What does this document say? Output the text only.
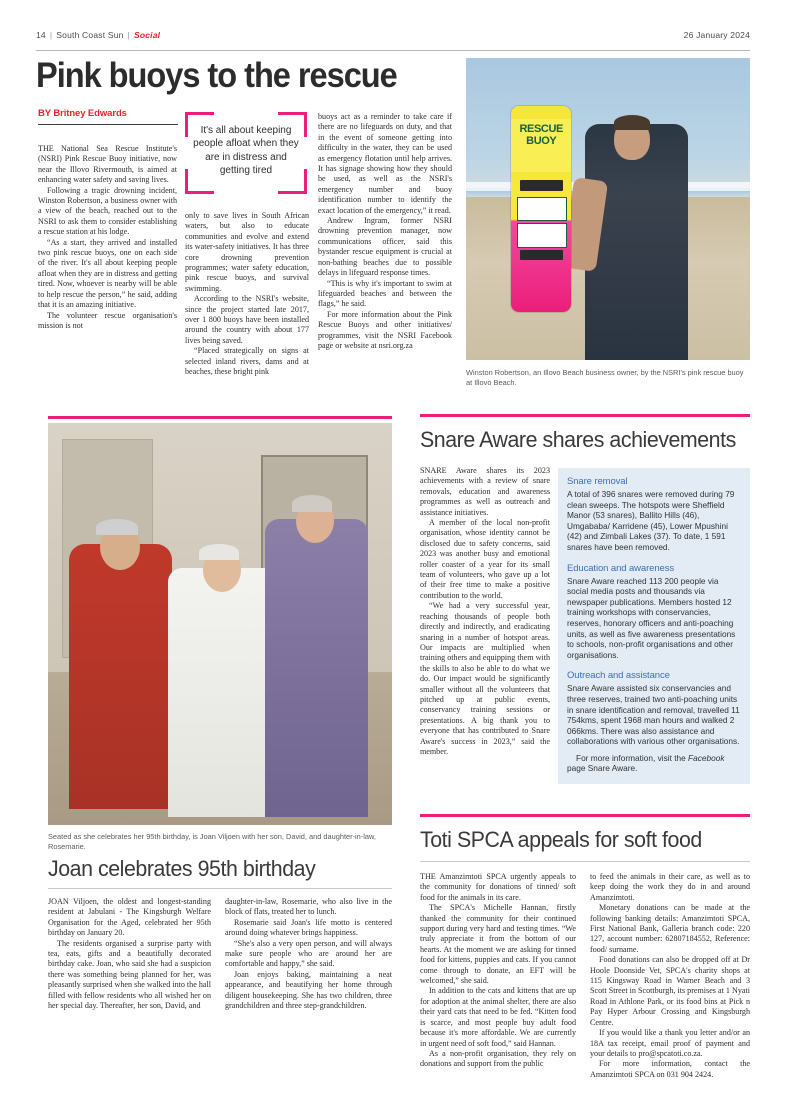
14 | South Coast Sun | Social	26 January 2024
Pink buoys to the rescue
BY Britney Edwards
It's all about keeping people afloat when they are in distress and getting tired

THE National Sea Rescue Institute's (NSRI) Pink Rescue Buoy initiative, now near the Illovo Rivermouth, is aimed at enhancing water safety and saving lives.

Following a tragic drowning incident, Winston Robertson, a business owner with a view of the beach, reached out to the NSRI to ask them to consider establishing a rescue station at his lodge.

“As a start, they arrived and installed two pink rescue buoys, one on each side of the river. It's all about keeping people afloat when they are in distress and getting tired. Now, whoever is nearby will be able to help rescue the person,” he said, adding that it is an amazing initiative.

The volunteer rescue organisation's mission is not

only to save lives in South African waters, but also to educate communities and evolve and extend its water-safety initiatives. It has three core drowning prevention programmes; water safety education, pink rescue buoys, and survival swimming.

According to the NSRI's website, since the project started late 2017, over 1 800 buoys have been installed around the country with about 177 lives being saved.

“Placed strategically on signs at selected inland rivers, dams and at beaches, these bright pink

buoys act as a reminder to take care if there are no lifeguards on duty, and that in the event of someone getting into difficulty in the water, they can be used as emergency flotation until help arrives. It has signage showing how they should be used, as well as the NSRI's emergency number and buoy identification number to identify the exact location of the emergency,” it read.

Andrew Ingram, former NSRI drowning prevention manager, now communications officer, said this bystander rescue equipment is crucial at non-bathing beaches due to possible delays in lifeguard response times.

“This is why it's important to swim at lifeguarded beaches and between the flags,” he said.

For more information about the Pink Rescue Buoys and other initiatives/ programmes, visit the NSRI Facebook page or website at nsri.org.za

RESCUE
BUOY
Winston Robertson, an Illovo Beach business owner, by the NSRI's pink rescue buoy at Illovo Beach.
Snare Aware shares achievements

SNARE Aware shares its 2023 achievements with a review of snare removals, education and awareness programmes as well as outreach and assistance initiatives.

A member of the local non-profit organisation, whose identity cannot be disclosed due to safety concerns, said 2023 was another busy and emotional roller coaster of a year for its small team of volunteers, who gave up a lot of their free time to make a positive contribution to the world.

“We had a very successful year, reaching thousands of people both directly and indirectly, and eradicating snaring in a number of hotspot areas. Our impacts are multiplied when training others and equipping them with the skills to also be able to do what we do. Our impact would be significantly smaller without all the volunteers that pitched up at public events, conservancy training sessions or presentations. A big thank you to everyone that has contributed to Snare Aware's success in 2023,” said the member.

Snare removal

A total of 396 snares were removed during 79 clean sweeps. The hotspots were Sheffield Manor (53 snares), Ballito Hills (46), Umgababa/ Karridene (45), Lower Mpushini (42) and Zimbali Lakes (37). To date, 1 591 snares have been removed.

Education and awareness

Snare Aware reached 113 200 people via social media posts and thousands via newspaper publications. Members hosted 12 training workshops with conservancies, reserves, honorary officers and anti-poaching units, as well as five awareness presentations to schools, non-profit organisations and other organisations.

Outreach and assistance

Snare Aware assisted six conservancies and three reserves, trained two anti-poaching units in snare identification and removal, travelled 11 754kms, spent 1968 man hours and walked 2 066kms. There was also assistance and collaborations with various other organisations.

For more information, visit the Facebook page Snare Aware.

Seated as she celebrates her 95th birthday, is Joan Viljoen with her son, David, and daughter-in-law, Rosemarie.
Joan celebrates 95th birthday

JOAN Viljoen, the oldest and longest-standing resident at Jabulani - The Kingsburgh Welfare Organisation for the Aged, celebrated her 95th birthday on January 20.

The residents organised a surprise party with tea, eats, gifts and a beautifully decorated birthday cake. Joan, who said she had a suspicion there was something being planned for her, was pleasantly surprised when she walked into the hall filled with fellow residents who all wished her on her special day. Thereafter, her son, David, and

daughter-in-law, Rosemarie, who also live in the block of flats, treated her to lunch.

Rosemarie said Joan's life motto is centered around doing whatever brings happiness.

“She's also a very open person, and will always make sure people who are around her are comfortable and happy,” she said.

Joan enjoys baking, maintaining a neat appearance, and beautifying her home through diligent housekeeping. She has two children, three grandchildren and three step-grandchildren.

Toti SPCA appeals for soft food

THE Amanzimtoti SPCA urgently appeals to the community for donations of tinned/ soft food for the animals in its care.

The SPCA's Michelle Hannan, firstly thanked the community for their continued support during very hard and testing times. “We truly appreciate it from the bottom of our hearts. At the moment we are asking for tinned food for kittens, puppies and cats. If you cannot come through to donate, an EFT will be welcomed,” she said.

In addition to the cats and kittens that are up for adoption at the animal shelter, there are also their yard cats that need to be fed. “Kitten food is scarce, and most people buy adult food because it's more affordable. We are currently in urgent need of soft food,” said Hannan.

As a non-profit organisation, they rely on donations and support from the public

to feed the animals in their care, as well as to keep doing the work they do in and around Amanzimtoti.

Monetary donations can be made at the following banking details: Amanzimtoti SPCA, First National Bank, Galleria branch code: 220 127, account number: 62807184552, Reference: food/ surname.

Food donations can also be dropped off at Dr Hoole Doonside Vet, SPCA's charity shops at 115 Kingsway Road in Warner Beach and 3 Scott Street in Scottburgh, its premises at 1 Nyati Road in Athlone Park, or its food bins at Pick n Pay Hyper Arbour Crossing and Kingsburgh Centre.

If you would like a thank you letter and/or an 18A tax receipt, email proof of payment and your details to pro@spcatoti.co.za.

For more information, contact the Amanzimtoti SPCA on 031 904 2424.
